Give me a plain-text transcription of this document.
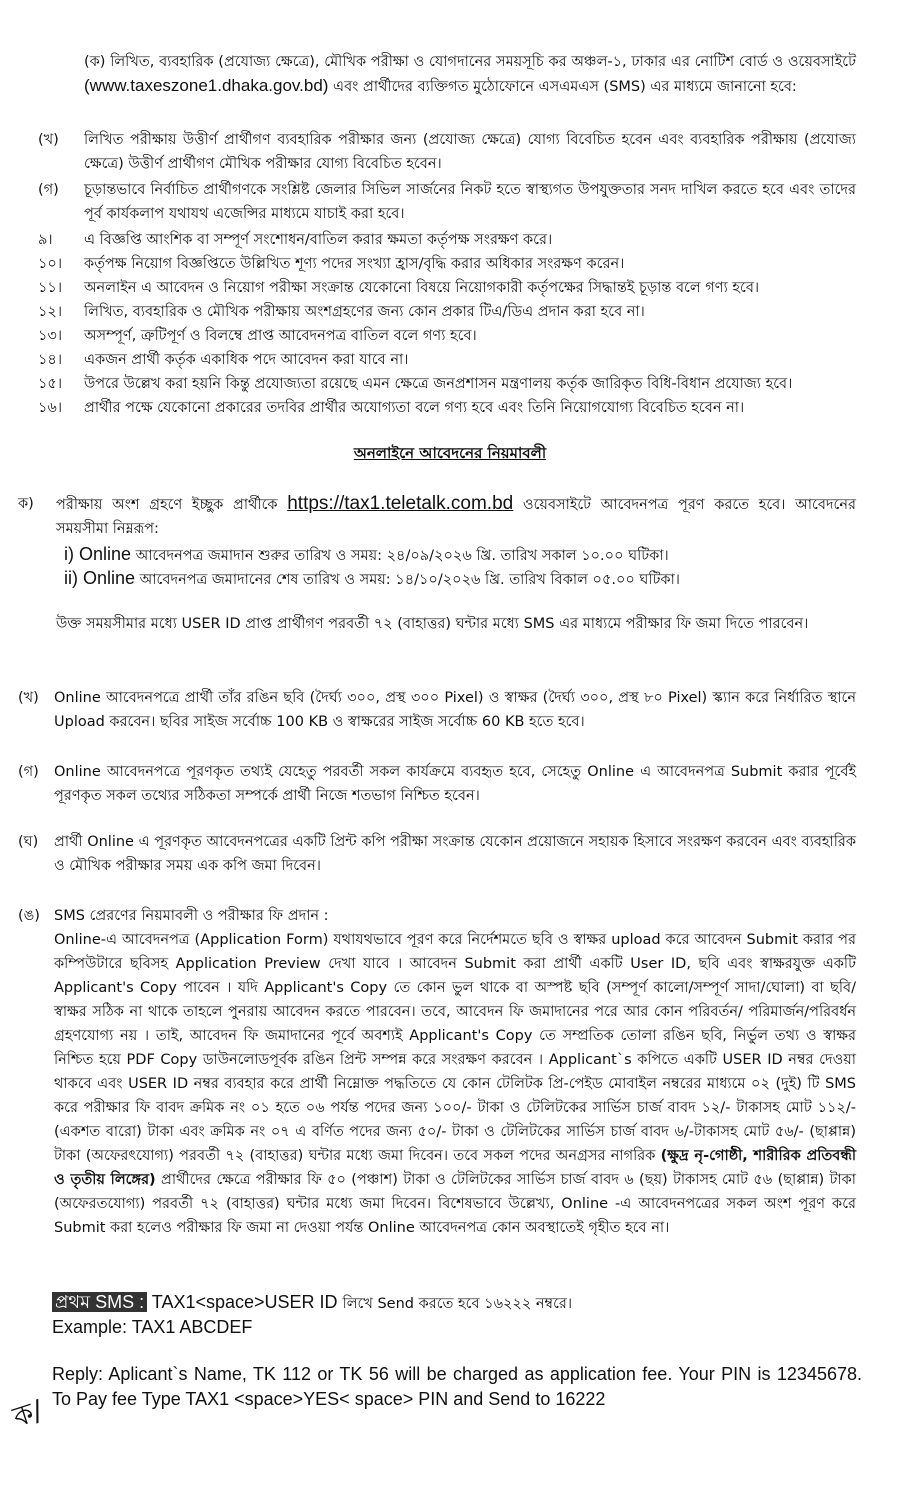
(ক) লিখিত, ব্যবহারিক (প্রযোজ্য ক্ষেত্রে), মৌখিক পরীক্ষা ও যোগদানের সময়সূচি কর অঞ্চল-১, ঢাকার এর নোটিশ বোর্ড ও ওয়েবসাইটে (www.taxeszone1.dhaka.gov.bd) এবং প্রার্থীদের ব্যক্তিগত মুঠোফোনে এসএমএস (SMS) এর মাধ্যমে জানানো হবে:
(খ)	লিখিত পরীক্ষায় উত্তীর্ণ প্রার্থীগণ ব্যবহারিক পরীক্ষার জন্য (প্রযোজ্য ক্ষেত্রে) যোগ্য বিবেচিত হবেন এবং ব্যবহারিক পরীক্ষায় (প্রযোজ্য ক্ষেত্রে) উত্তীর্ণ প্রার্থীগণ মৌখিক পরীক্ষার যোগ্য বিবেচিত হবেন।
(গ)	চূড়ান্তভাবে নির্বাচিত প্রার্থীগণকে সংশ্লিষ্ট জেলার সিভিল সার্জনের নিকট হতে স্বাস্থ্যগত উপযুক্ততার সনদ দাখিল করতে হবে এবং তাদের পূর্ব কার্যকলাপ যথাযথ এজেন্সির মাধ্যমে যাচাই করা হবে।
৯।	এ বিজ্ঞপ্তি আংশিক বা সম্পূর্ণ সংশোধন/বাতিল করার ক্ষমতা কর্তৃপক্ষ সংরক্ষণ করে।
১০।	কর্তৃপক্ষ নিয়োগ বিজ্ঞপ্তিতে উল্লিখিত শূণ্য পদের সংখ্যা হ্রাস/বৃদ্ধি করার অধিকার সংরক্ষণ করেন।
১১।	অনলাইন এ আবেদন ও নিয়োগ পরীক্ষা সংক্রান্ত যেকোনো বিষয়ে নিয়োগকারী কর্তৃপক্ষের সিদ্ধান্তই চূড়ান্ত বলে গণ্য হবে।
১২।	লিখিত, ব্যবহারিক ও মৌখিক পরীক্ষায় অংশগ্রহণের জন্য কোন প্রকার টিএ/ডিএ প্রদান করা হবে না।
১৩।	অসম্পূর্ণ, ত্রুটিপূর্ণ ও বিলম্বে প্রাপ্ত আবেদনপত্র বাতিল বলে গণ্য হবে।
১৪।	একজন প্রার্থী কর্তৃক একাধিক পদে আবেদন করা যাবে না।
১৫।	উপরে উল্লেখ করা হয়নি কিন্তু প্রযোজ্যতা রয়েছে এমন ক্ষেত্রে জনপ্রশাসন মন্ত্রণালয় কর্তৃক জারিকৃত বিধি-বিধান প্রযোজ্য হবে।
১৬।	প্রার্থীর পক্ষে যেকোনো প্রকারের তদবির প্রার্থীর অযোগ্যতা বলে গণ্য হবে এবং তিনি নিয়োগযোগ্য বিবেচিত হবেন না।
অনলাইনে আবেদনের নিয়মাবলী
ক)	পরীক্ষায় অংশ গ্রহণে ইচ্ছুক প্রার্থীকে https://tax1.teletalk.com.bd ওয়েবসাইটে আবেদনপত্র পূরণ করতে হবে। আবেদনের সময়সীমা নিম্নরূপ:
i) Online আবেদনপত্র জমাদান শুরুর তারিখ ও সময়: ২৪/০৯/২০২৬ খ্রি. তারিখ সকাল ১০.০০ ঘটিকা।
ii) Online আবেদনপত্র জমাদানের শেষ তারিখ ও সময়: ১৪/১০/২০২৬ খ্রি. তারিখ বিকাল ০৫.০০ ঘটিকা।
উক্ত সময়সীমার মধ্যে USER ID প্রাপ্ত প্রার্থীগণ পরবর্তী ৭২ (বাহাত্তর) ঘন্টার মধ্যে SMS এর মাধ্যমে পরীক্ষার ফি জমা দিতে পারবেন।
(খ)	Online আবেদনপত্রে প্রার্থী তাঁর রঙিন ছবি (দৈর্ঘ্য ৩০০, প্রস্থ ৩০০ Pixel) ও স্বাক্ষর (দৈর্ঘ্য ৩০০, প্রস্থ ৮০ Pixel) স্ক্যান করে নির্ধারিত স্থানে Upload করবেন। ছবির সাইজ সর্বোচ্চ 100 KB ও স্বাক্ষরের সাইজ সর্বোচ্চ 60 KB হতে হবে।
(গ)	Online আবেদনপত্রে পূরণকৃত তথ্যই যেহেতু পরবর্তী সকল কার্যক্রমে ব্যবহৃত হবে, সেহেতু Online এ আবেদনপত্র Submit করার পূর্বেই পূরণকৃত সকল তথ্যের সঠিকতা সম্পর্কে প্রার্থী নিজে শতভাগ নিশ্চিত হবেন।
(ঘ)	প্রার্থী Online এ পূরণকৃত আবেদনপত্রের একটি প্রিন্ট কপি পরীক্ষা সংক্রান্ত যেকোন প্রয়োজনে সহায়ক হিসাবে সংরক্ষণ করবেন এবং ব্যবহারিক ও মৌখিক পরীক্ষার সময় এক কপি জমা দিবেন।
(ঙ) SMS প্রেরণের নিয়মাবলী ও পরীক্ষার ফি প্রদান :
Online-এ আবেদনপত্র (Application Form) যথাযথভাবে পূরণ করে নির্দেশমতে ছবি ও স্বাক্ষর upload করে আবেদন Submit করার পর কম্পিউটারে ছবিসহ Application Preview দেখা যাবে । আবেদন Submit করা প্রার্থী একটি User ID, ছবি এবং স্বাক্ষরযুক্ত একটি Applicant's Copy পাবেন । যদি Applicant's Copy তে কোন ভুল থাকে বা অস্পষ্ট ছবি (সম্পূর্ণ কালো/সম্পূর্ণ সাদা/ঘোলা) বা ছবি/স্বাক্ষর সঠিক না থাকে তাহলে পুনরায় আবেদন করতে পারবেন। তবে, আবেদন ফি জমাদানের পরে আর কোন পরিবর্তন/ পরিমার্জন/পরিবর্ধন গ্রহণযোগ্য নয় । তাই, আবেদন ফি জমাদানের পূর্বে অবশ্যই Applicant's Copy তে সম্প্রতিক তোলা রঙিন ছবি, নির্ভুল তথ্য ও স্বাক্ষর নিশ্চিত হয়ে PDF Copy ডাউনলোডপূর্বক রঙিন প্রিন্ট সম্পন্ন করে সংরক্ষণ করবেন । Applicant`s কপিতে একটি USER ID নম্বর দেওয়া থাকবে এবং USER ID নম্বর ব্যবহার করে প্রার্থী নিম্নোক্ত পদ্ধতিতে যে কোন টেলিটক প্রি-পেইড মোবাইল নম্বরের মাধ্যমে ০২ (দুই) টি SMS করে পরীক্ষার ফি বাবদ ক্রমিক নং ০১ হতে ০৬ পর্যন্ত পদের জন্য ১০০/- টাকা ও টেলিটকের সার্ভিস চার্জ বাবদ ১২/- টাকাসহ মোট ১১২/- (একশত বারো) টাকা এবং ক্রমিক নং ০৭ এ বর্ণিত পদের জন্য ৫০/- টাকা ও টেলিটকের সার্ভিস চার্জ বাবদ ৬/-টাকাসহ মোট ৫৬/- (ছাপ্পান্ন) টাকা (অফেরৎযোগ্য) পরবর্তী ৭২ (বাহাত্তর) ঘন্টার মধ্যে জমা দিবেন। তবে সকল পদের অনগ্রসর নাগরিক (ক্ষুদ্র নৃ-গোষ্ঠী, শারীরিক প্রতিবন্ধী ও তৃতীয় লিঙ্গের) প্রার্থীদের ক্ষেত্রে পরীক্ষার ফি ৫০ (পঞ্চাশ) টাকা ও টেলিটকের সার্ভিস চার্জ বাবদ ৬ (ছয়) টাকাসহ মোট ৫৬ (ছাপ্পান্ন) টাকা (অফেরতযোগ্য) পরবর্তী ৭২ (বাহাত্তর) ঘন্টার মধ্যে জমা দিবেন। বিশেষভাবে উল্লেখ্য, Online -এ আবেদনপত্রের সকল অংশ পূরণ করে Submit করা হলেও পরীক্ষার ফি জমা না দেওয়া পর্যন্ত Online আবেদনপত্র কোন অবস্থাতেই গৃহীত হবে না।
প্রথম SMS : TAX1<space>USER ID লিখে Send করতে হবে ১৬২২২ নম্বরে।
Example: TAX1 ABCDEF
Reply: Aplicant`s Name, TK 112 or TK 56 will be charged as application fee. Your PIN is 12345678. To Pay fee Type TAX1 <space>YES< space> PIN and Send to 16222
ক/
